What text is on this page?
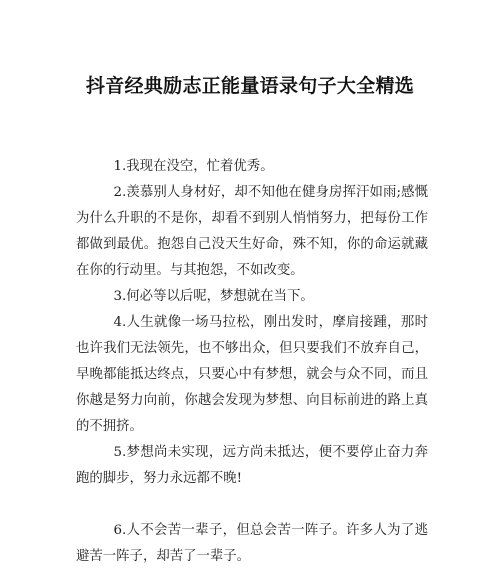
抖音经典励志正能量语录句子大全精选

1.我现在没空，忙着优秀。

2.羡慕别人身材好，却不知他在健身房挥汗如雨;感慨为什么升职的不是你，却看不到别人悄悄努力，把每份工作都做到最优。抱怨自己没天生好命，殊不知，你的命运就藏在你的行动里。与其抱怨，不如改变。

3.何必等以后呢，梦想就在当下。

4.人生就像一场马拉松，刚出发时，摩肩接踵，那时也许我们无法领先，也不够出众，但只要我们不放弃自己，早晚都能抵达终点，只要心中有梦想，就会与众不同，而且你越是努力向前，你越会发现为梦想、向目标前进的路上真的不拥挤。

5.梦想尚未实现，远方尚未抵达，便不要停止奋力奔跑的脚步，努力永远都不晚!

6.人不会苦一辈子，但总会苦一阵子。许多人为了逃避苦一阵子，却苦了一辈子。
